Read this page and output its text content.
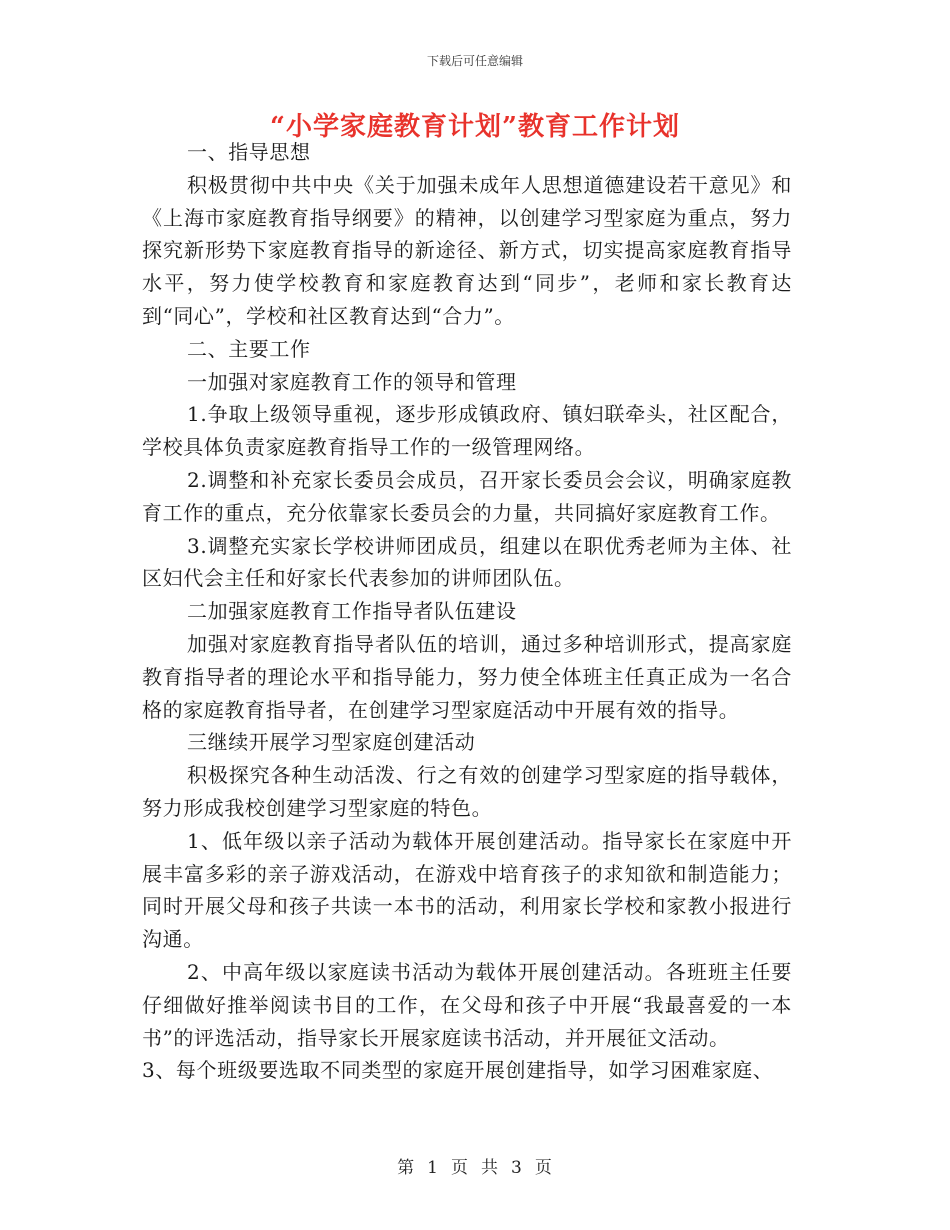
下载后可任意编辑
“小学家庭教育计划”教育工作计划

一、指导思想

积极贯彻中共中央《关于加强未成年人思想道德建设若干意见》和《上海市家庭教育指导纲要》的精神，以创建学习型家庭为重点，努力探究新形势下家庭教育指导的新途径、新方式，切实提高家庭教育指导水平，努力使学校教育和家庭教育达到“同步”，老师和家长教育达到“同心”，学校和社区教育达到“合力”。

二、主要工作

一加强对家庭教育工作的领导和管理

1.争取上级领导重视，逐步形成镇政府、镇妇联牵头，社区配合，学校具体负责家庭教育指导工作的一级管理网络。

2.调整和补充家长委员会成员，召开家长委员会会议，明确家庭教育工作的重点，充分依靠家长委员会的力量，共同搞好家庭教育工作。

3.调整充实家长学校讲师团成员，组建以在职优秀老师为主体、社区妇代会主任和好家长代表参加的讲师团队伍。

二加强家庭教育工作指导者队伍建设

加强对家庭教育指导者队伍的培训，通过多种培训形式，提高家庭教育指导者的理论水平和指导能力，努力使全体班主任真正成为一名合格的家庭教育指导者，在创建学习型家庭活动中开展有效的指导。

三继续开展学习型家庭创建活动

积极探究各种生动活泼、行之有效的创建学习型家庭的指导载体，努力形成我校创建学习型家庭的特色。

1、低年级以亲子活动为载体开展创建活动。指导家长在家庭中开展丰富多彩的亲子游戏活动，在游戏中培育孩子的求知欲和制造能力；同时开展父母和孩子共读一本书的活动，利用家长学校和家教小报进行沟通。

2、中高年级以家庭读书活动为载体开展创建活动。各班班主任要仔细做好推举阅读书目的工作，在父母和孩子中开展“我最喜爱的一本书”的评选活动，指导家长开展家庭读书活动，并开展征文活动。

3、每个班级要选取不同类型的家庭开展创建指导，如学习困难家庭、

第 1 页 共 3 页
